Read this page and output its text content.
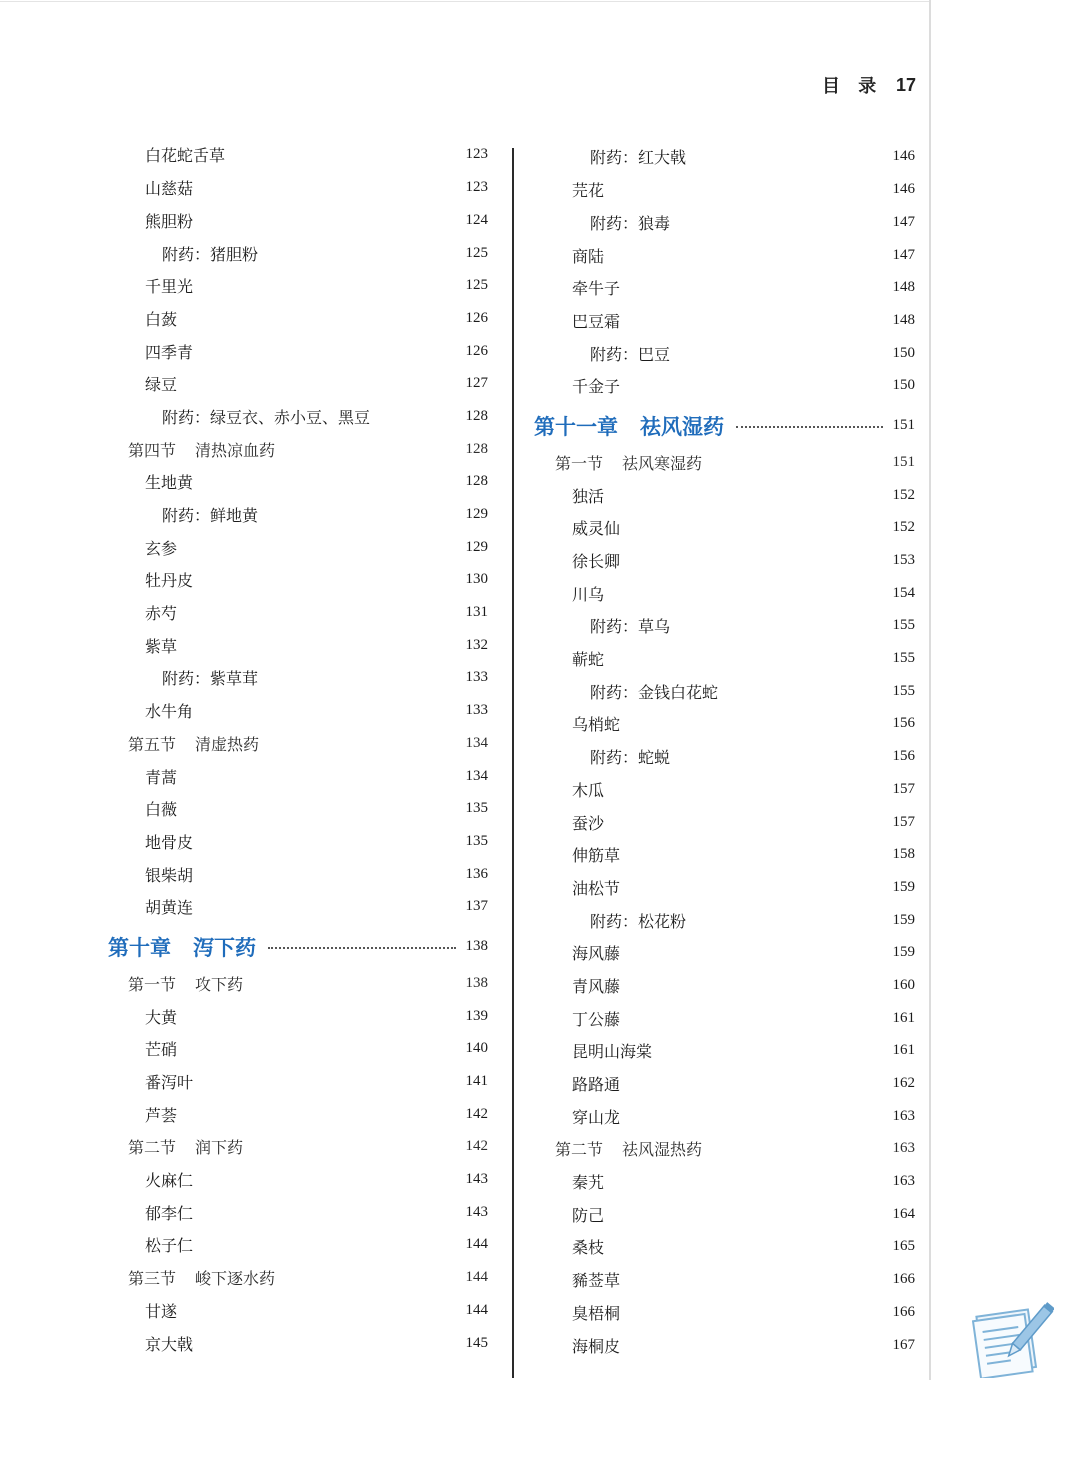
目 录 17
白花蛇舌草	123
山慈菇	123
熊胆粉	124
附药：猪胆粉	125
千里光	125
白蔹	126
四季青	126
绿豆	127
附药：绿豆衣、赤小豆、黑豆	128
第四节 清热凉血药	128
生地黄	128
附药：鲜地黄	129
玄参	129
牡丹皮	130
赤芍	131
紫草	132
附药：紫草茸	133
水牛角	133
第五节 清虚热药	134
青蒿	134
白薇	135
地骨皮	135
银柴胡	136
胡黄连	137
第十章 泻下药	138
第一节 攻下药	138
大黄	139
芒硝	140
番泻叶	141
芦荟	142
第二节 润下药	142
火麻仁	143
郁李仁	143
松子仁	144
第三节 峻下逐水药	144
甘遂	144
京大戟	145
附药：红大戟	146
芫花	146
附药：狼毒	147
商陆	147
牵牛子	148
巴豆霜	148
附药：巴豆	150
千金子	150
第十一章 祛风湿药	151
第一节 祛风寒湿药	151
独活	152
威灵仙	152
徐长卿	153
川乌	154
附药：草乌	155
蕲蛇	155
附药：金钱白花蛇	155
乌梢蛇	156
附药：蛇蜕	156
木瓜	157
蚕沙	157
伸筋草	158
油松节	159
附药：松花粉	159
海风藤	159
青风藤	160
丁公藤	161
昆明山海棠	161
路路通	162
穿山龙	163
第二节 祛风湿热药	163
秦艽	163
防己	164
桑枝	165
豨莶草	166
臭梧桐	166
海桐皮	167
